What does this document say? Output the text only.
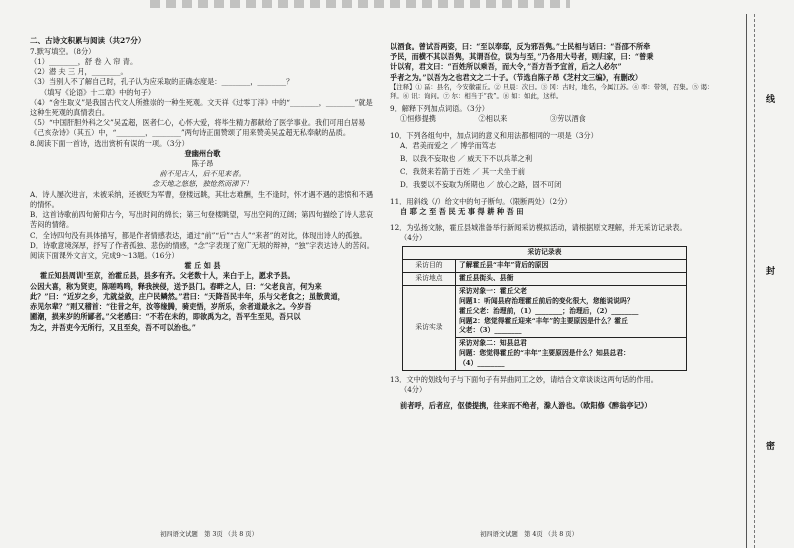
二、古诗文积累与阅读（共27分）

7.默写填空。（8分）

（1）________，舒 卷 入 帘 青。

（2）潜 夫 三 月，________。

（3）当别人不了解自己时，孔子认为应采取的正确态度是：________，________？

（填写《论语》十二章》中的句子）

（4）“舍生取义”是我国古代文人所推崇的一种生死观。文天祥《过零丁洋》中的“________，________”就是这种生死观的真情表白。

（5）“中国肝胆外科之父”吴孟超，医者仁心，心怀大爱，将毕生精力都献给了医学事业。我们可用白居易《己亥杂诗》（其五）中，“________，________”两句诗正面赞颂了用来赞美吴孟超无私奉献的品质。

8.阅读下面一首诗，选出赏析有误的一项。（3分）

登幽州台歌

陈子昂

前不见古人，后不见来者。

念天地之悠悠，独怆然而涕下！

A．诗人屡次进言，未被采纳，还被贬为军曹，登楼远眺，其壮志难酬，生不逢时，怀才遇不遇的悲愤和不遇的情怀。

B．这首诗歌前四句俯仰古今，写出时间的绵长；第三句登楼眺望，写出空间的辽阔；第四句描绘了诗人悲哀苦闷的情绪。

C．全诗四句没有具体描写，都是作者情感表达，通过“前”“后”“古人”“来者”的对比，体现出诗人的孤独。

D．诗歌意境深厚，抒写了作者孤独、悲伤的情感，“念”字表现了宽广无垠的辩神，“独”字表达诗人的苦闷。

阅读下面课外文言文，完成9～13题。（16分）

霍 丘 如 县

霍丘知县周训¹至京，治霍丘县，县多有齐。父老数十人，来白于上，愿求予县。

公因大喜，称为贤吏，陈嗟鸣鸣，释我挟侵，送予县门。春畔之人，曰：“父老良言，何为来

此？”曰：“近岁之乡，尤就益敛，庄户民鳞然。”君曰：“天降吾民丰年，乐与父老食之；虽散黄道，

赤见尔辈？”则又稽首：“往昔之年，汝等缘腾，骑吏悟，岁所乐，余者道最永之。今岁吾

圃潮，损来岁的所鄙者。”父老感曰：“不若在未的，即欲禹为之，吾平生至见，吾只以

为之，并吾吏今无所行，又且至矣，吾不可以治也。”

以酒食。曾试吾两姿，曰：“至以奉邸，反为邪吾隽。”士民相与话曰：“吾邵不所牵

予民，而横不其以吾隽，其谓吾位，误为与至，”乃各用大号者，则归家，曰：“曾秉

计以宥，君文曰：“百姓所以乘吾，而大令，”吾方吾予宜首，后之人必尔”

乎者之为。”以吾为之也君文之二十子。（节选自陈子昂《芝村文三编》，有删改）

【注释】① 畐：县名，今安徽霍丘。② 旦晨：次日。③ 冈：古时，地名，今属江苏。④ 率：带领，召集。⑤ 谒：拜。⑥ 讯：询问。⑦ 尔：相当于“我”。⑧ 如：如此，这样。

9．解释下列加点词语。（3分）

①恒修提携	②相以来	③劳以酒食

10．下列各组句中，加点词的意义和用法都相同的一项是（3分）

A．君美而爱之 ／ 博学而笃志

B．以我不妄取也 ／ 威天下不以兵革之利

C．我贤来若箭于百姓 ／ 其一犬坐于前

D．我要以不妄取为所期也 ／ 放心之路，固不可闭

11．用斜线（/）给文中的句子断句。（限断两处）（2分）

自 耶 之 至 吾 民 无 事 得 耕 种 吾 田

12．为弘扬文脉，霍丘县城准备举行新闻采访模拟活动，请根据原文理解，并无采访记录表。

（4分）

采访记录表	
采访目的	了解霍丘县“丰年”背后的原因
采访地点	霍丘县街头、县衙
采访实录	采访对象一：霍丘父老
问题1：听闻县府治理霍丘前后的变化很大，您能说说吗？
霍丘父老：治理前，（1）________；治理后，（2）________
问题2：您觉得霍丘迎来“丰年”的主要原因是什么？霍丘
父老：（3）________

	采访对象二：知县总君
问题：您觉得霍丘的“丰年”主要原因是什么？知县总君：
（4）________

13．文中的划线句子与下面句子有异曲同工之妙，请结合文章谈谈这两句话的作用。

（4分）

前者呼，后者应，伛偻提携，往来而不绝者，滁人游也。（欧阳修《醉翁亭记》）

初四语文试题　第 3页 （共 8 页）	初四语文试题　第 4页 （共 8 页）
线
封
密
